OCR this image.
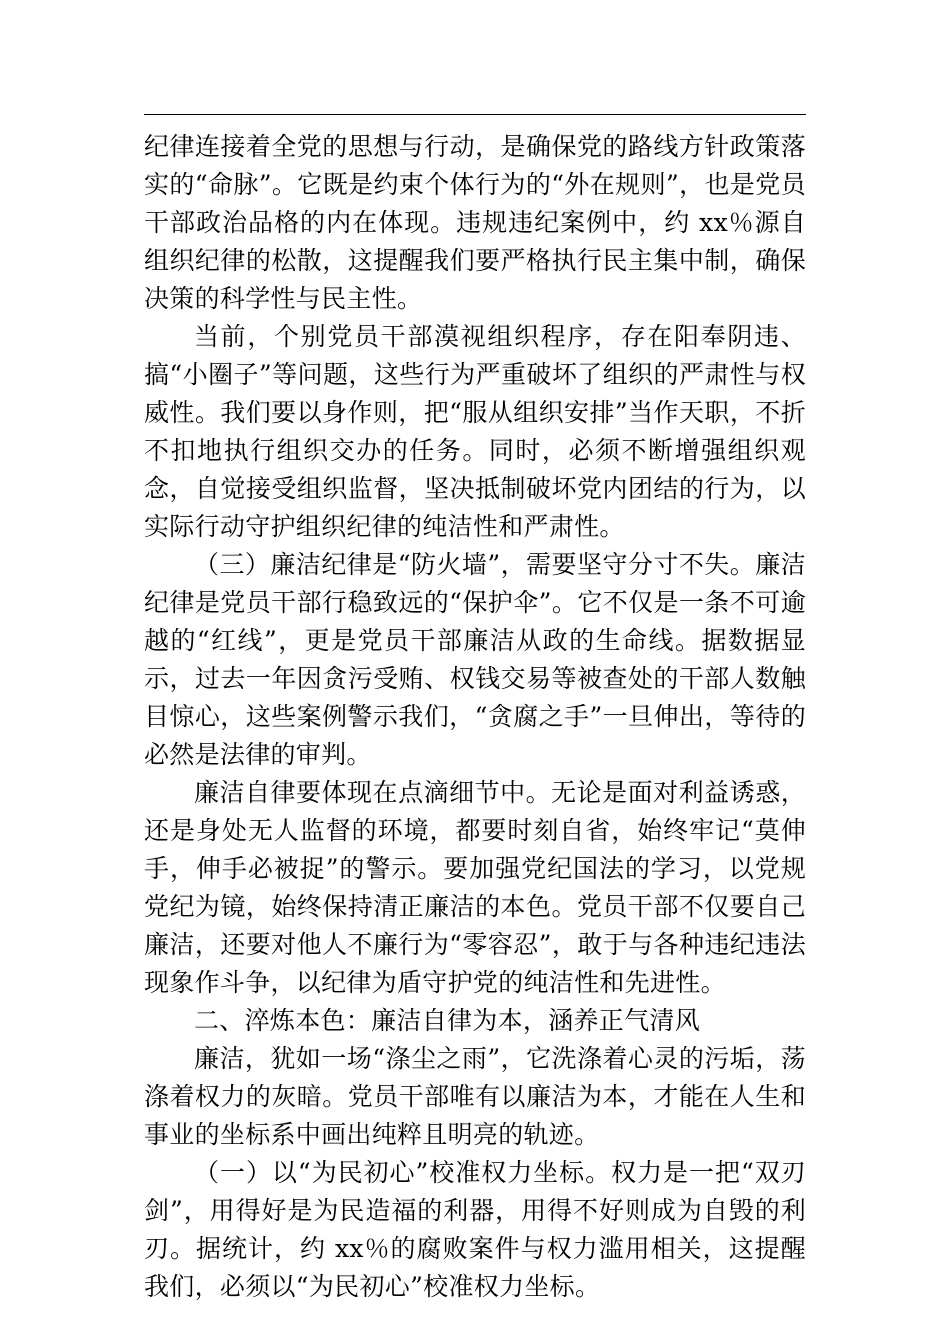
纪律连接着全党的思想与行动，是确保党的路线方针政策落实的“命脉”。它既是约束个体行为的“外在规则”，也是党员干部政治品格的内在体现。违规违纪案例中，约 xx％源自组织纪律的松散，这提醒我们要严格执行民主集中制，确保决策的科学性与民主性。

当前，个别党员干部漠视组织程序，存在阳奉阴违、搞“小圈子”等问题，这些行为严重破坏了组织的严肃性与权威性。我们要以身作则，把“服从组织安排”当作天职，不折不扣地执行组织交办的任务。同时，必须不断增强组织观念，自觉接受组织监督，坚决抵制破坏党内团结的行为，以实际行动守护组织纪律的纯洁性和严肃性。

（三）廉洁纪律是“防火墙”，需要坚守分寸不失。廉洁纪律是党员干部行稳致远的“保护伞”。它不仅是一条不可逾越的“红线”，更是党员干部廉洁从政的生命线。据数据显示，过去一年因贪污受贿、权钱交易等被查处的干部人数触目惊心，这些案例警示我们，“贪腐之手”一旦伸出，等待的必然是法律的审判。

廉洁自律要体现在点滴细节中。无论是面对利益诱惑，还是身处无人监督的环境，都要时刻自省，始终牢记“莫伸手，伸手必被捉”的警示。要加强党纪国法的学习，以党规党纪为镜，始终保持清正廉洁的本色。党员干部不仅要自己廉洁，还要对他人不廉行为“零容忍”，敢于与各种违纪违法现象作斗争，以纪律为盾守护党的纯洁性和先进性。

二、淬炼本色：廉洁自律为本，涵养正气清风

廉洁，犹如一场“涤尘之雨”，它洗涤着心灵的污垢，荡涤着权力的灰暗。党员干部唯有以廉洁为本，才能在人生和事业的坐标系中画出纯粹且明亮的轨迹。

（一）以“为民初心”校准权力坐标。权力是一把“双刃剑”，用得好是为民造福的利器，用得不好则成为自毁的利刃。据统计，约 xx％的腐败案件与权力滥用相关，这提醒我们，必须以“为民初心”校准权力坐标。
